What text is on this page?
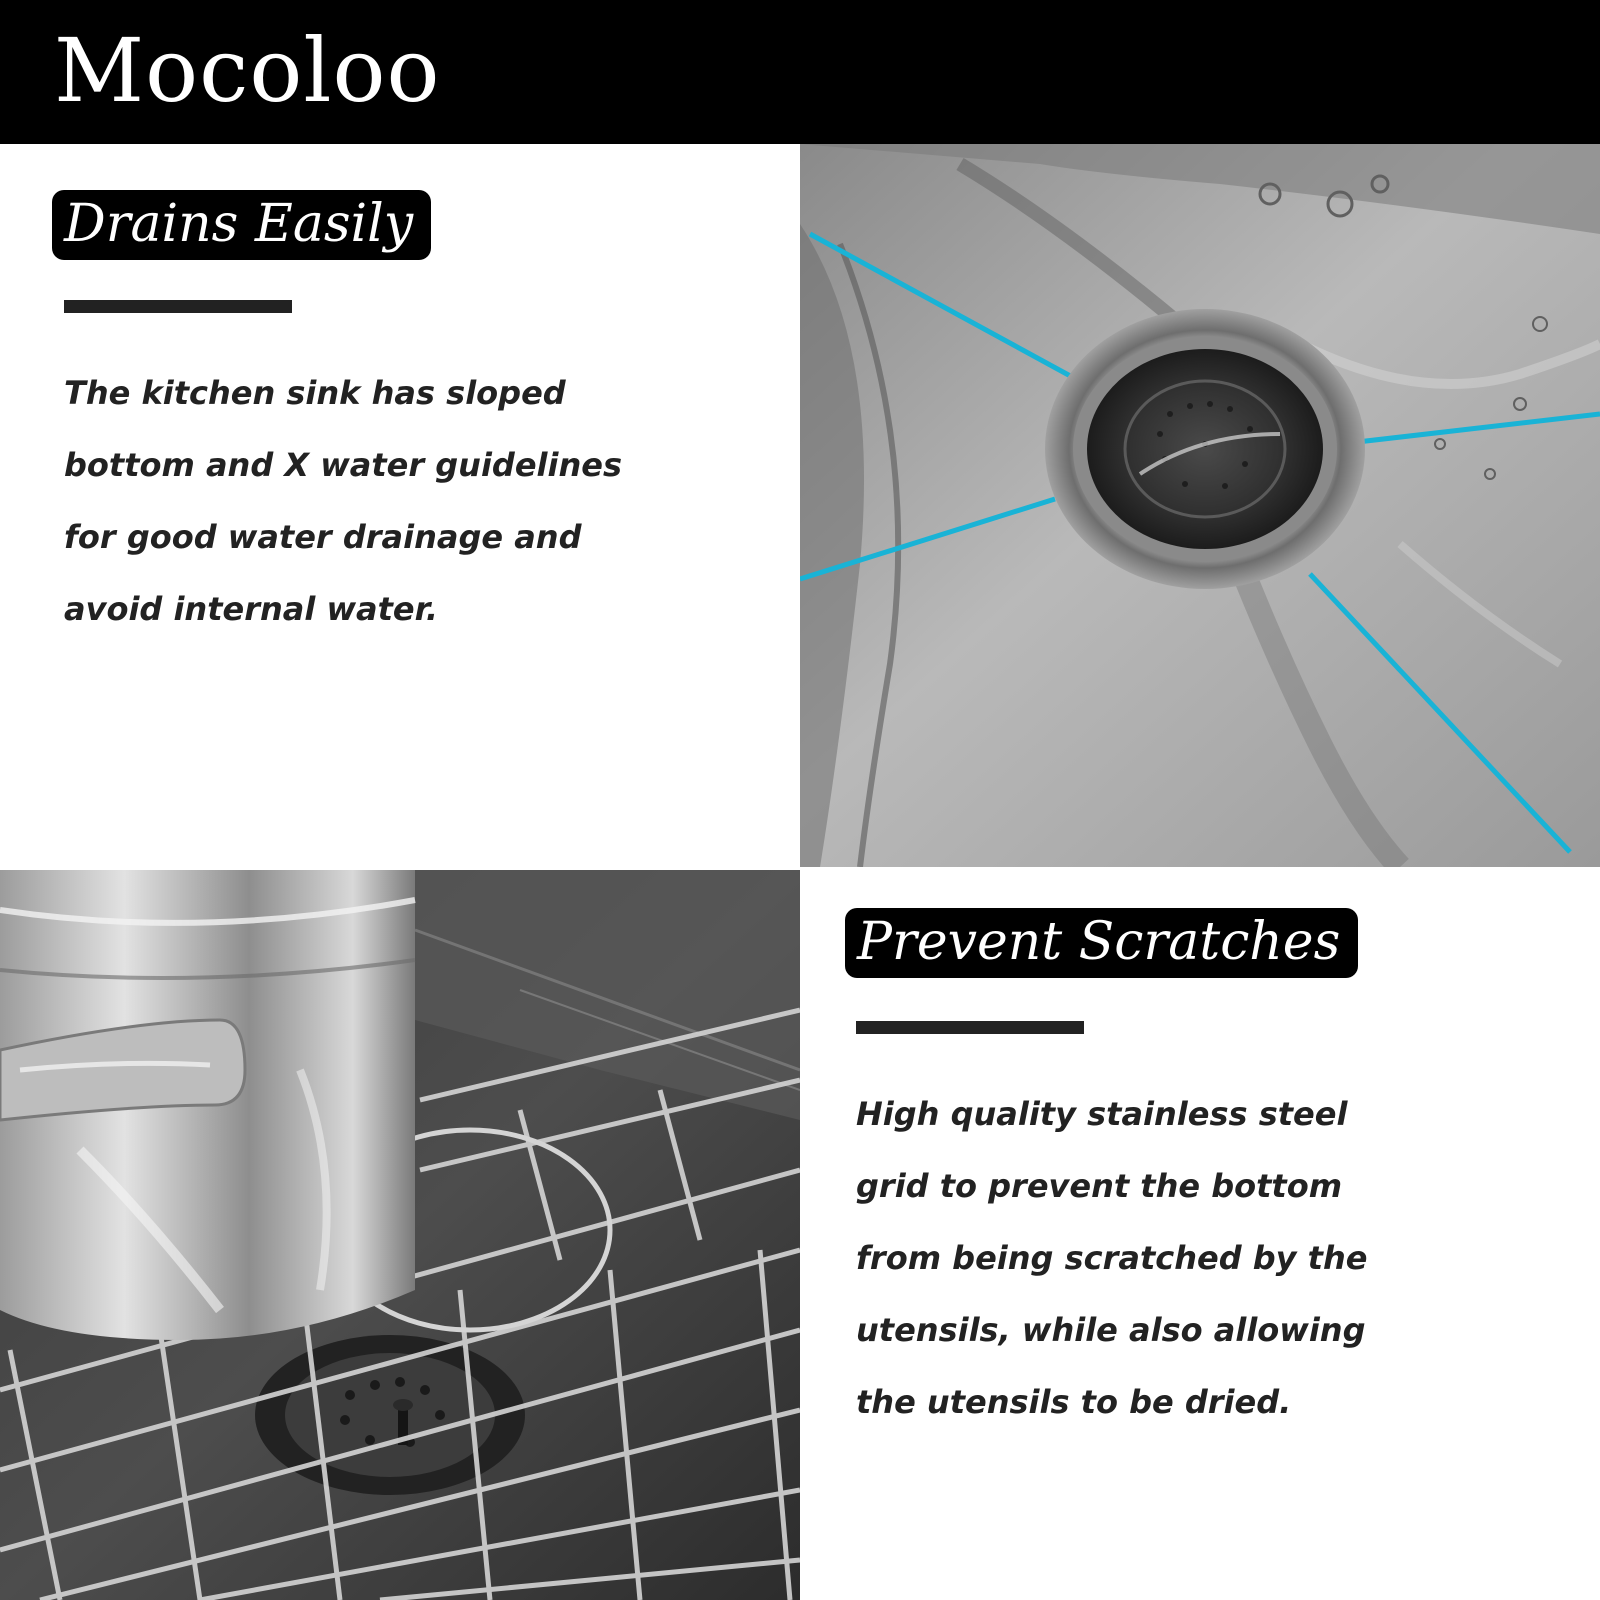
Mocoloo
Drains Easily
The kitchen sink has sloped
bottom and X water guidelines
for good water drainage and
avoid internal water.
Prevent Scratches
High quality stainless steel
grid to prevent the bottom
from being scratched by the
utensils, while also allowing
the utensils to be dried.
